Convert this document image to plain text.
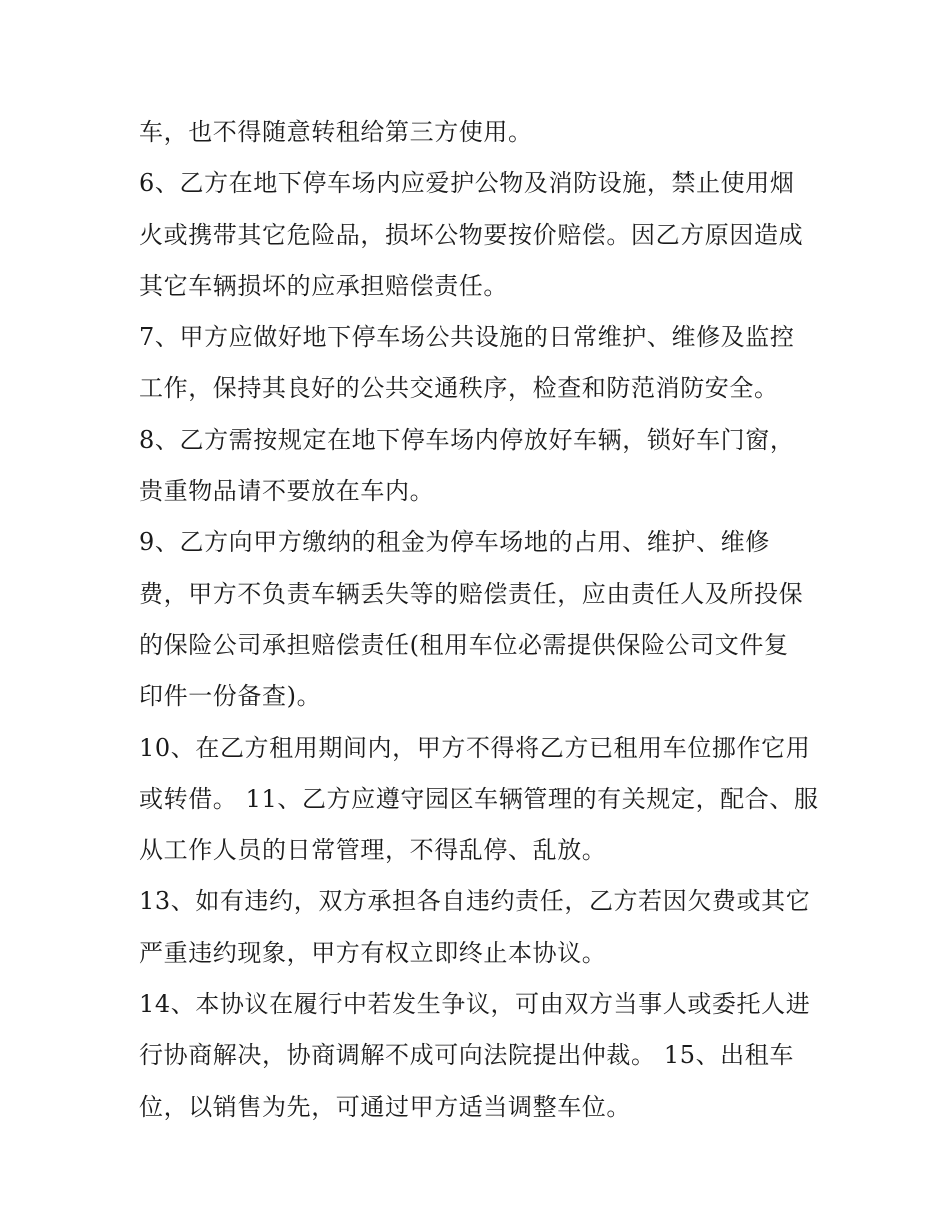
车，也不得随意转租给第三方使用。
6、乙方在地下停车场内应爱护公物及消防设施，禁止使用烟
火或携带其它危险品，损坏公物要按价赔偿。因乙方原因造成
其它车辆损坏的应承担赔偿责任。
7、甲方应做好地下停车场公共设施的日常维护、维修及监控
工作，保持其良好的公共交通秩序，检查和防范消防安全。
8、乙方需按规定在地下停车场内停放好车辆，锁好车门窗，
贵重物品请不要放在车内。
9、乙方向甲方缴纳的租金为停车场地的占用、维护、维修
费，甲方不负责车辆丢失等的赔偿责任，应由责任人及所投保
的保险公司承担赔偿责任(租用车位必需提供保险公司文件复
印件一份备查)。
10、在乙方租用期间内，甲方不得将乙方已租用车位挪作它用
或转借。 11、乙方应遵守园区车辆管理的有关规定，配合、服
从工作人员的日常管理，不得乱停、乱放。
13、如有违约，双方承担各自违约责任，乙方若因欠费或其它
严重违约现象，甲方有权立即终止本协议。
14、本协议在履行中若发生争议，可由双方当事人或委托人进
行协商解决，协商调解不成可向法院提出仲裁。 15、出租车
位，以销售为先，可通过甲方适当调整车位。
